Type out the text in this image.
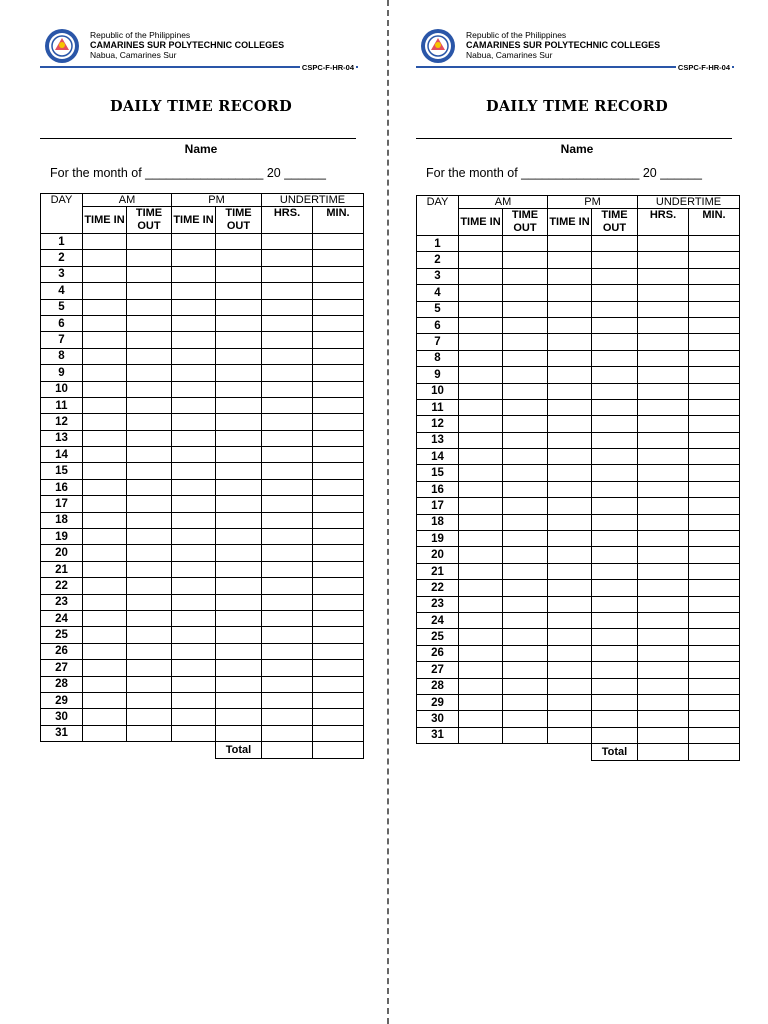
Republic of the Philippines
CAMARINES SUR POLYTECHNIC COLLEGES
Nabua, Camarines Sur
CSPC-F-HR-04
DAILY TIME RECORD
Name
For the month of _________________ 20 ______
DAY	AM		PM		UNDERTIME	
	TIME IN	TIME OUT	TIME IN	TIME OUT	HRS.	MIN.
1						
2						
3						
4						
5						
6						
7						
8						
9						
10						
11						
12						
13						
14						
15						
16						
17						
18						
19						
20						
21						
22						
23						
24						
25						
26						
27						
28						
29						
30						
31						
				Total		
Republic of the Philippines
CAMARINES SUR POLYTECHNIC COLLEGES
Nabua, Camarines Sur
CSPC-F-HR-04
DAILY TIME RECORD
Name
For the month of _________________ 20 ______
DAY	AM		PM		UNDERTIME	
	TIME IN	TIME OUT	TIME IN	TIME OUT	HRS.	MIN.
1						
2						
3						
4						
5						
6						
7						
8						
9						
10						
11						
12						
13						
14						
15						
16						
17						
18						
19						
20						
21						
22						
23						
24						
25						
26						
27						
28						
29						
30						
31						
				Total		
